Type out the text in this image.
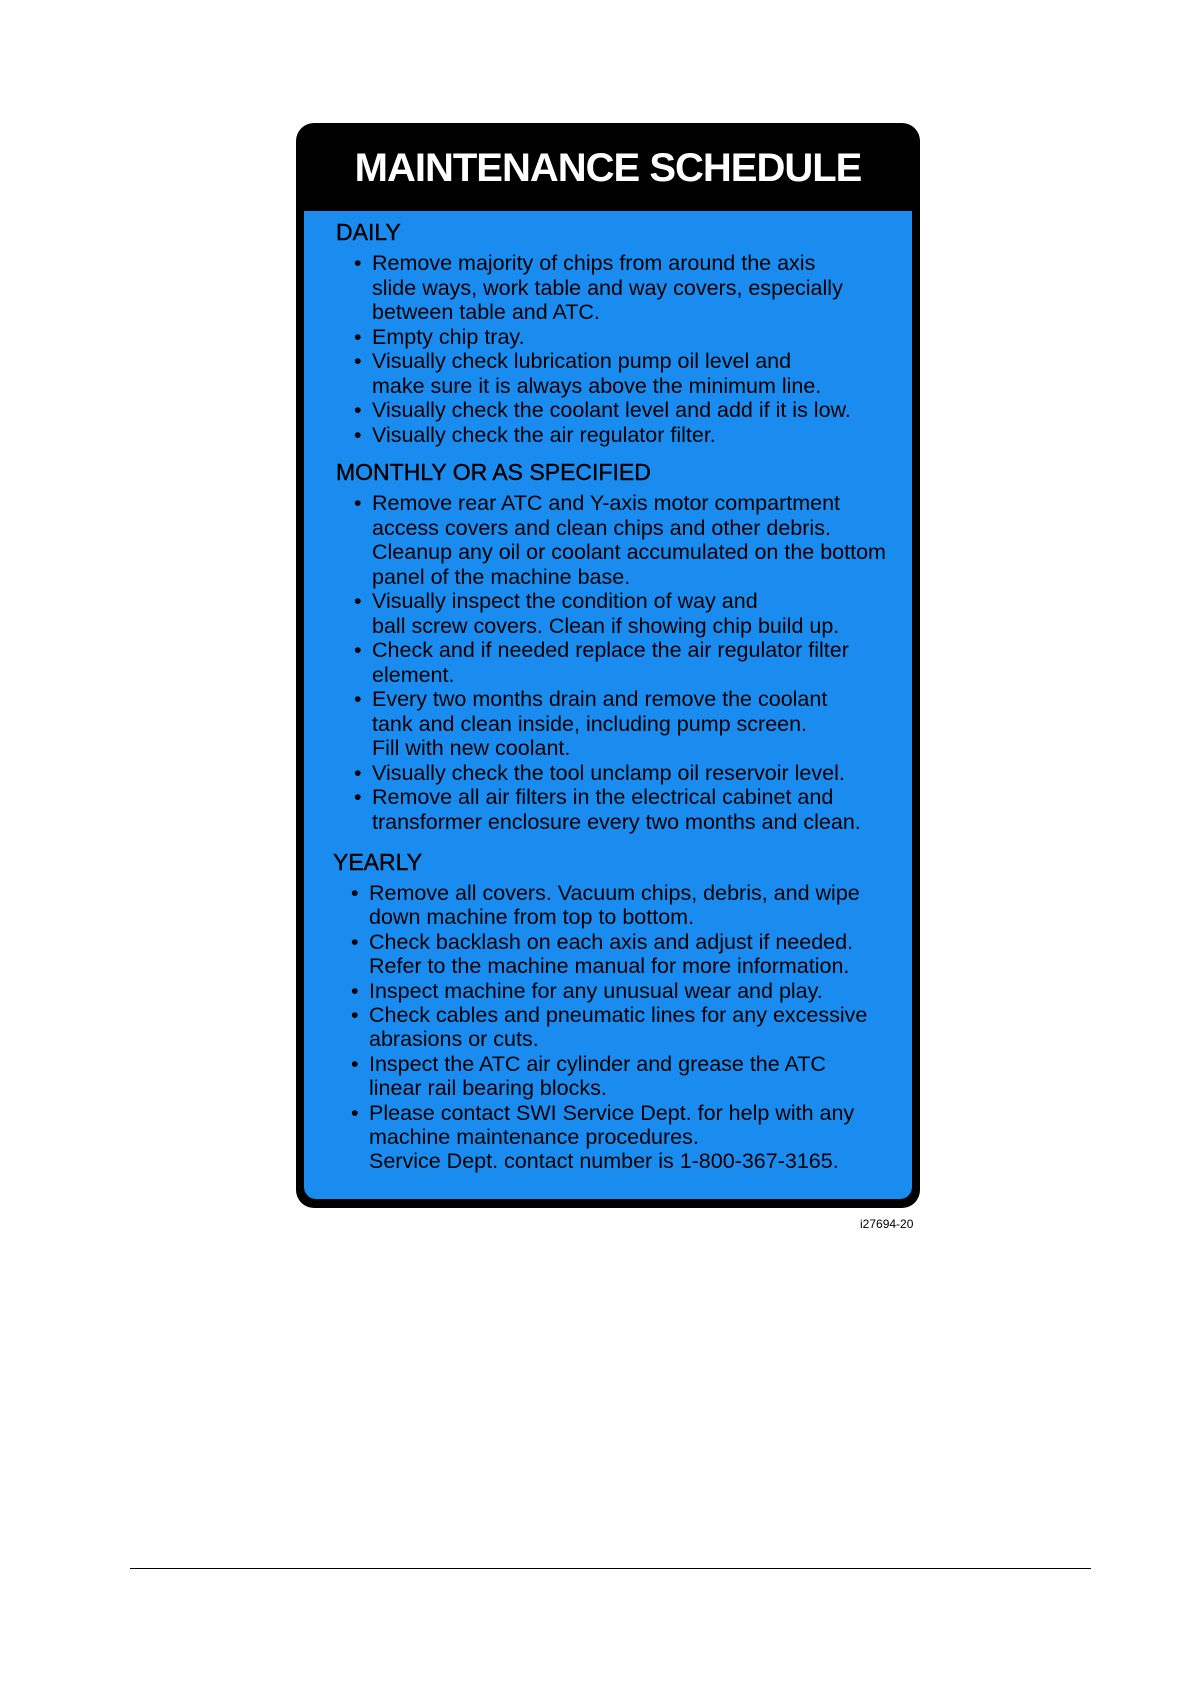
MAINTENANCE SCHEDULE
DAILY
• Remove majority of chips from around the axis
slide ways, work table and way covers, especially
between table and ATC.
• Empty chip tray.
• Visually check lubrication pump oil level and
make sure it is always above the minimum line.
• Visually check the coolant level and add if it is low.
• Visually check the air regulator filter.
MONTHLY OR AS SPECIFIED
• Remove rear ATC and Y-axis motor compartment
access covers and clean chips and other debris.
Cleanup any oil or coolant accumulated on the bottom
panel of the machine base.
• Visually inspect the condition of way and
ball screw covers. Clean if showing chip build up.
• Check and if needed replace the air regulator filter
element.
• Every two months drain and remove the coolant
tank and clean inside, including pump screen.
Fill with new coolant.
• Visually check the tool unclamp oil reservoir level.
• Remove all air filters in the electrical cabinet and
transformer enclosure every two months and clean.
YEARLY
• Remove all covers. Vacuum chips, debris, and wipe
down machine from top to bottom.
• Check backlash on each axis and adjust if needed.
Refer to the machine manual for more information.
• Inspect machine for any unusual wear and play.
• Check cables and pneumatic lines for any excessive
abrasions or cuts.
• Inspect the ATC air cylinder and grease the ATC
linear rail bearing blocks.
• Please contact SWI Service Dept. for help with any
machine maintenance procedures.
Service Dept. contact number is 1-800-367-3165.
i27694-20
